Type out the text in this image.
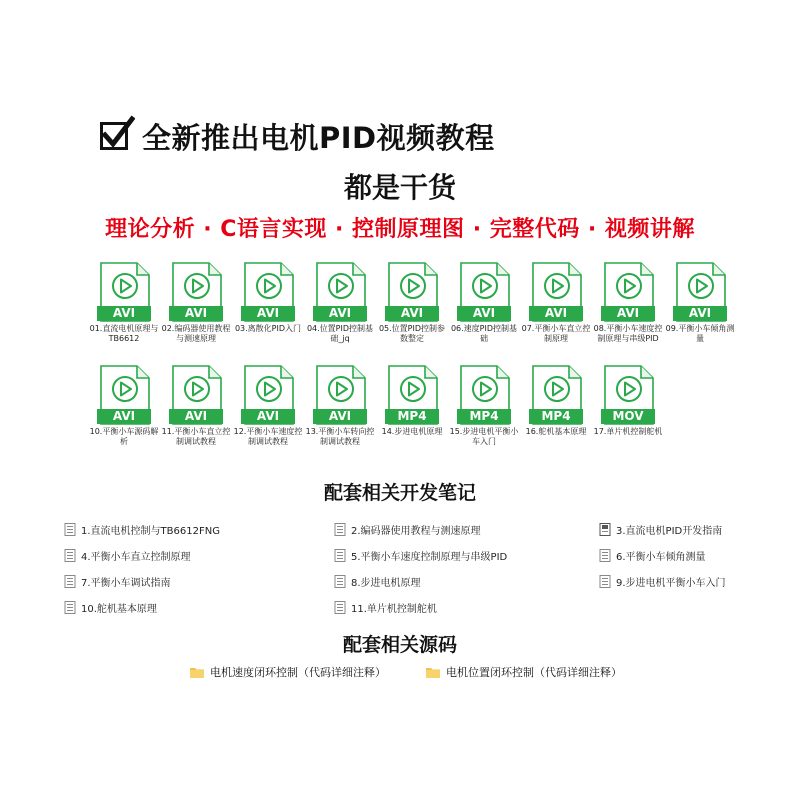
全新推出电机PID视频教程
都是干货
理论分析 · C语言实现 · 控制原理图 · 完整代码 · 视频讲解
AVI
01.直流电机原理与TB6612
AVI
02.编码器使用教程与测速原理
AVI
03.离散化PID入门
AVI
04.位置PID控制基础_jq
AVI
05.位置PID控制参数整定
AVI
06.速度PID控制基础
AVI
07.平衡小车直立控制原理
AVI
08.平衡小车速度控制原理与串级PID
AVI
09.平衡小车倾角测量
AVI
10.平衡小车源码解析
AVI
11.平衡小车直立控制调试教程
AVI
12.平衡小车速度控制调试教程
AVI
13.平衡小车转向控制调试教程
MP4
14.步进电机原理
MP4
15.步进电机平衡小车入门
MP4
16.舵机基本原理
MOV
17.单片机控制舵机
配套相关开发笔记
1.直流电机控制与TB6612FNG	2.编码器使用教程与测速原理	3.直流电机PID开发指南
4.平衡小车直立控制原理	5.平衡小车速度控制原理与串级PID	6.平衡小车倾角测量
7.平衡小车调试指南	8.步进电机原理	9.步进电机平衡小车入门
10.舵机基本原理	11.单片机控制舵机
配套相关源码
电机速度闭环控制（代码详细注释）	电机位置闭环控制（代码详细注释）
